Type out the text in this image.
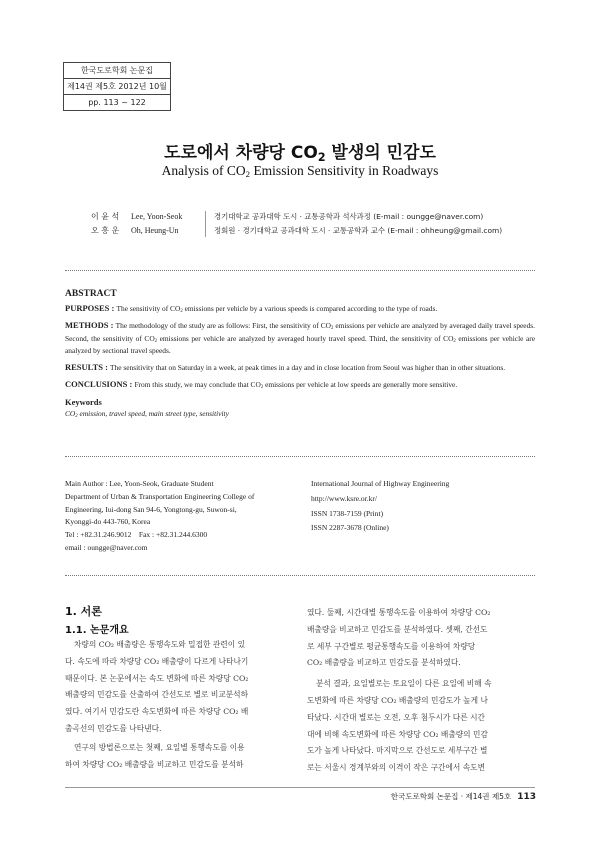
한국도로학회 논문집
제14권 제5호 2012년 10월
pp. 113 ~ 122
도로에서 차량당 $CO_2$ 발생의 민감도
Analysis of $CO_2$ Emission Sensitivity in Roadways
이 윤 석 Lee, Yoon-Seok	경기대학교 공과대학 도시 · 교통공학과 석사과정 (E-mail : oungge@naver.com)
오 흥 운 Oh, Heung-Un	정회원 · 경기대학교 공과대학 도시 · 교통공학과 교수 (E-mail : ohheung@gmail.com)
ABSTRACT

PURPOSES : The sensitivity of $CO_2$ emissions per vehicle by a various speeds is compared according to the type of roads.

METHODS : The methodology of the study are as follows: First, the sensitivity of $CO_2$ emissions per vehicle are analyzed by averaged daily travel speeds. Second, the sensitivity of $CO_2$ emissions per vehicle are analyzed by averaged hourly travel speed. Third, the sensitivity of $CO_2$ emissions per vehicle are analyzed by sectional travel speeds.

RESULTS : The sensitivity that on Saturday in a week, at peak times in a day and in close location from Seoul was higher than in other situations.

CONCLUSIONS : From this study, we may conclude that $CO_2$ emissions per vehicle at low speeds are generally more sensitive.

Keywords

$CO_2$ emission, travel speed, main street type, sensitivity

Main Author : Lee, Yoon-Seok, Graduate Student
Department of Urban & Transportation Engineering College of
Engineering, Iui-dong San 94-6, Yongtong-gu, Suwon-si,
Kyonggi-do 443-760, Korea
Tel : +82.31.246.9012    Fax : +82.31.244.6300
email : oungge@naver.com
International Journal of Highway Engineering
http://www.ksre.or.kr/
ISSN 1738-7159 (Print)
ISSN 2287-3678 (Online)
1. 서론
1.1. 논문개요
차량의 CO₂ 배출량은 통행속도와 밀접한 관련이 있
다. 속도에 따라 차량당 CO₂ 배출량이 다르게 나타나기
때문이다. 본 논문에서는 속도 변화에 따른 차량당 CO₂
배출량의 민감도를 산출하여 간선도로 별로 비교분석하
였다. 여기서 민감도란 속도변화에 따른 차량당 CO₂ 배
출곡선의 민감도를 나타낸다.
연구의 방법론으로는 첫째, 요일별 통행속도를 이용
하여 차량당 CO₂ 배출량을 비교하고 민감도를 분석하
였다. 둘째, 시간대별 통행속도를 이용하여 차량당 CO₂
배출량을 비교하고 민감도를 분석하였다. 셋째, 간선도
로 세부 구간별로 평균통행속도를 이용하여 차량당
CO₂ 배출량을 비교하고 민감도를 분석하였다.
분석 결과, 요일별로는 토요일이 다른 요일에 비해 속
도변화에 따른 차량당 CO₂ 배출량의 민감도가 높게 나
타났다. 시간대 별로는 오전, 오후 첨두시가 다른 시간
대에 비해 속도변화에 따른 차량당 CO₂ 배출량의 민감
도가 높게 나타났다. 마지막으로 간선도로 세부구간 별
로는 서울시 경계부와의 이격이 작은 구간에서 속도변
한국도로학회 논문집 · 제14권 제5호 113
